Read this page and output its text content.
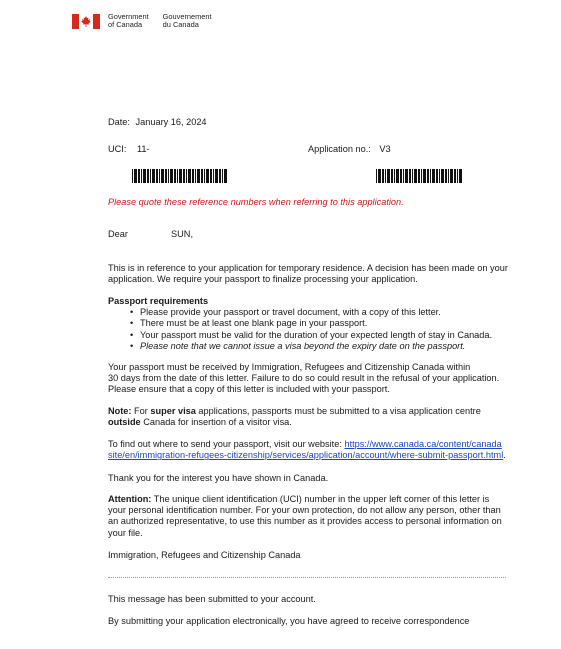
Government
of Canada
Gouvernement
du Canada
Date: January 16, 2024
UCI: 11-	Application no.: V3
Please quote these reference numbers when referring to this application.
Dear	SUN,
This is in reference to your application for temporary residence. A decision has been made on your application. We require your passport to finalize processing your application.
Passport requirements
• Please provide your passport or travel document, with a copy of this letter.
• There must be at least one blank page in your passport.
• Your passport must be valid for the duration of your expected length of stay in Canada.
• Please note that we cannot issue a visa beyond the expiry date on the passport.
Your passport must be received by Immigration, Refugees and Citizenship Canada within
30 days from the date of this letter. Failure to do so could result in the refusal of your application.
Please ensure that a copy of this letter is included with your passport.
Note: For super visa applications, passports must be submitted to a visa application centre outside Canada for insertion of a visitor visa.
To find out where to send your passport, visit our website: https://www.canada.ca/content/canada
site/en/immigration-refugees-citizenship/services/application/account/where-submit-passport.html.
Thank you for the interest you have shown in Canada.
Attention: The unique client identification (UCI) number in the upper left corner of this letter is your personal identification number. For your own protection, do not allow any person, other than an authorized representative, to use this number as it provides access to personal information on your file.
Immigration, Refugees and Citizenship Canada
This message has been submitted to your account.
By submitting your application electronically, you have agreed to receive correspondence
